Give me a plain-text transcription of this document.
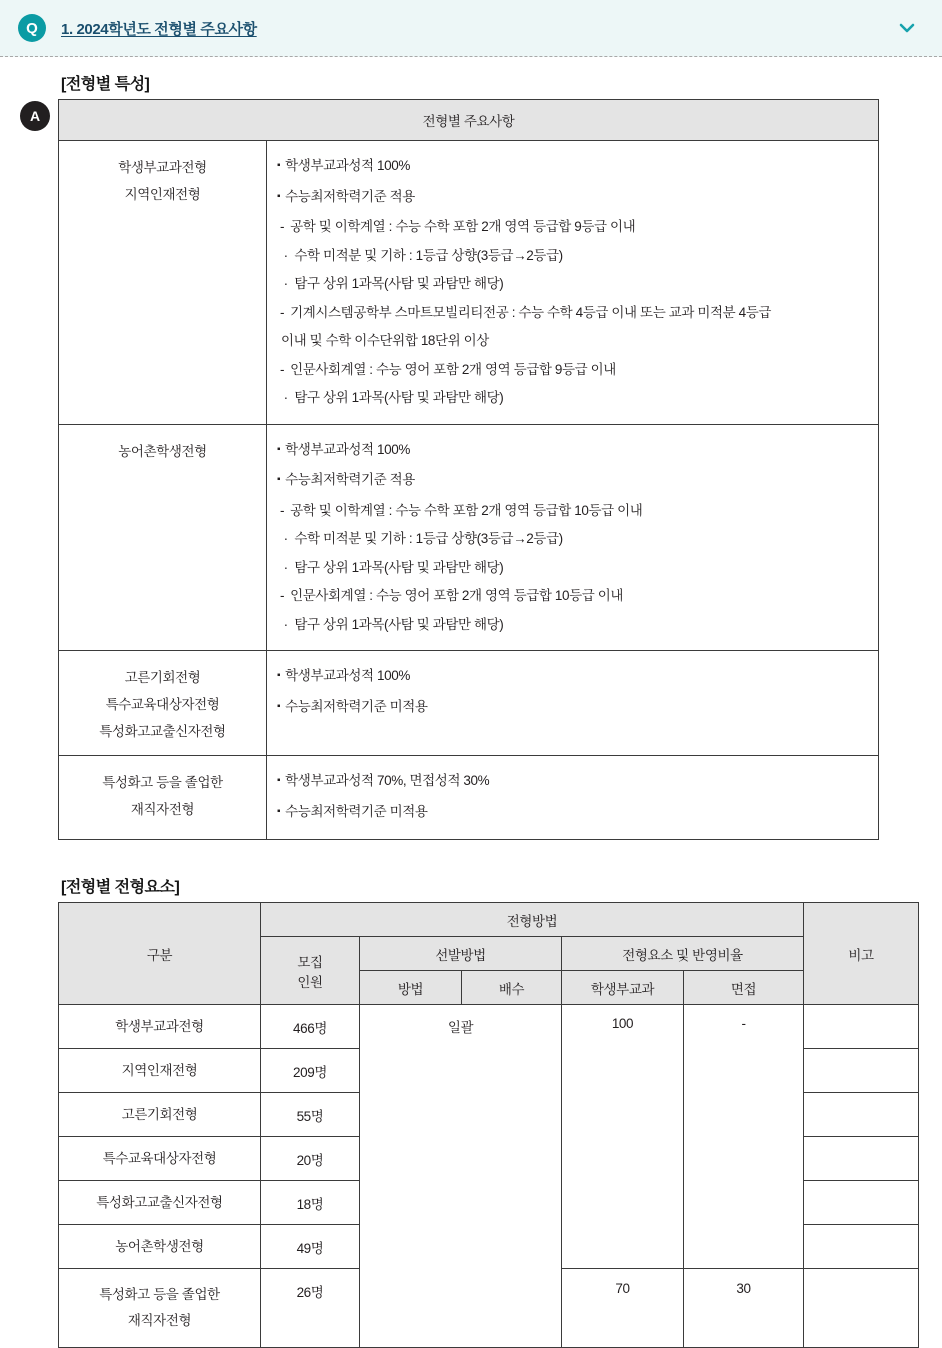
Q	1. 2024학년도 전형별 주요사항
A
[전형별 특성]
전형별 주요사항	

학생부교과전형
지역인재전형

▪ 학생부교과성적 100%
▪ 수능최저학력기준 적용
- 공학 및 이학계열 : 수능 수학 포함 2개 영역 등급합 9등급 이내
. 수학 미적분 및 기하 : 1등급 상향(3등급→2등급)
. 탐구 상위 1과목(사탐 및 과탐만 해당)
- 기계시스템공학부 스마트모빌리티전공 : 수능 수학 4등급 이내 또는 교과 미적분 4등급
이내 및 수학 이수단위합 18단위 이상
- 인문사회계열 : 수능 영어 포함 2개 영역 등급합 9등급 이내
. 탐구 상위 1과목(사탐 및 과탐만 해당)

농어촌학생전형

▪학생부교과성적 100%
▪ 수능최저학력기준 적용
- 공학 및 이학계열 : 수능 수학 포함 2개 영역 등급합 10등급 이내
. 수학 미적분 및 기하 : 1등급 상향(3등급→2등급)
. 탐구 상위 1과목(사탐 및 과탐만 해당)
- 인문사회계열 : 수능 영어 포함 2개 영역 등급합 10등급 이내
. 탐구 상위 1과목(사탐 및 과탐만 해당)

고른기회전형
특수교육대상자전형
특성화고교출신자전형

▪ 학생부교과성적 100%
▪ 수능최저학력기준 미적용

특성화고 등을 졸업한
재직자전형

▪ 학생부교과성적 70%, 면접성적 30%
▪ 수능최저학력기준 미적용
[전형별 전형요소]
구분	전형방법					비고

	모집
인원	선발방법		전형요소 및 반영비율		
		방법	배수	학생부교과	면접	
학생부교과전형	466명	일괄		100	-	
지역인재전형	209명					
고른기회전형	55명					
특수교육대상자전형	20명					
특성화고교출신자전형	18명					
농어촌학생전형	49명					

특성화고 등을 졸업한
재직자전형	26명			70	30	
